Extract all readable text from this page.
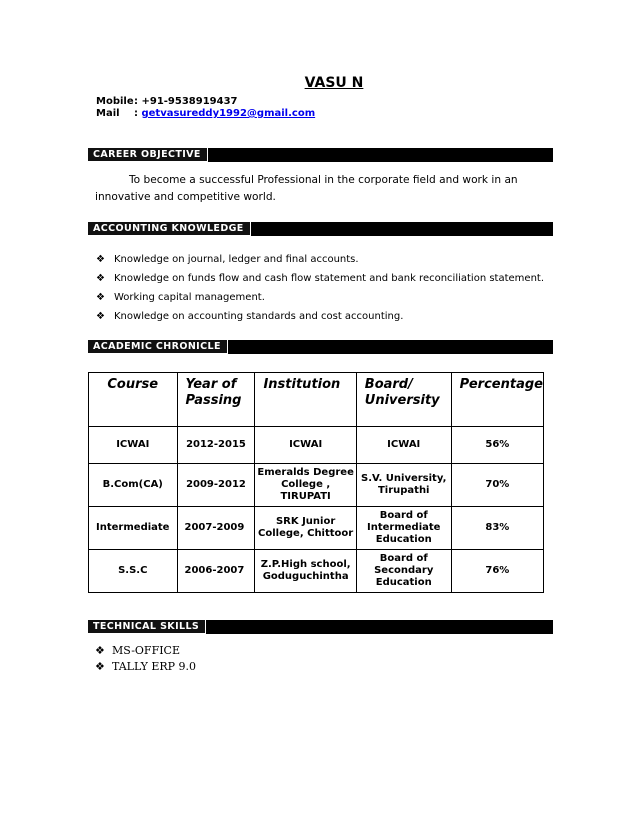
VASU N
Mobile: +91-9538919437
Mail : getvasureddy1992@gmail.com
CAREER OBJECTIVE
To become a successful Professional in the corporate field and work in an innovative and competitive world.
ACCOUNTING KNOWLEDGE
❖ Knowledge on journal, ledger and final accounts.
❖ Knowledge on funds flow and cash flow statement and bank reconciliation statement.
❖ Working capital management.
❖ Knowledge on accounting standards and cost accounting.
ACADEMIC CHRONICLE
Course	Year of Passing	Institution	Board/ University	Percentage
ICWAI	2012-2015	ICWAI	ICWAI	56%
B.Com(CA)	2009-2012	Emeralds Degree College , TIRUPATI	S.V. University, Tirupathi	70%
Intermediate	2007-2009	SRK Junior College, Chittoor	Board of Intermediate Education	83%
S.S.C	2006-2007	Z.P.High school, Goduguchintha	Board of Secondary Education	76%
TECHNICAL SKILLS
❖ MS-OFFICE
❖ TALLY ERP 9.0
